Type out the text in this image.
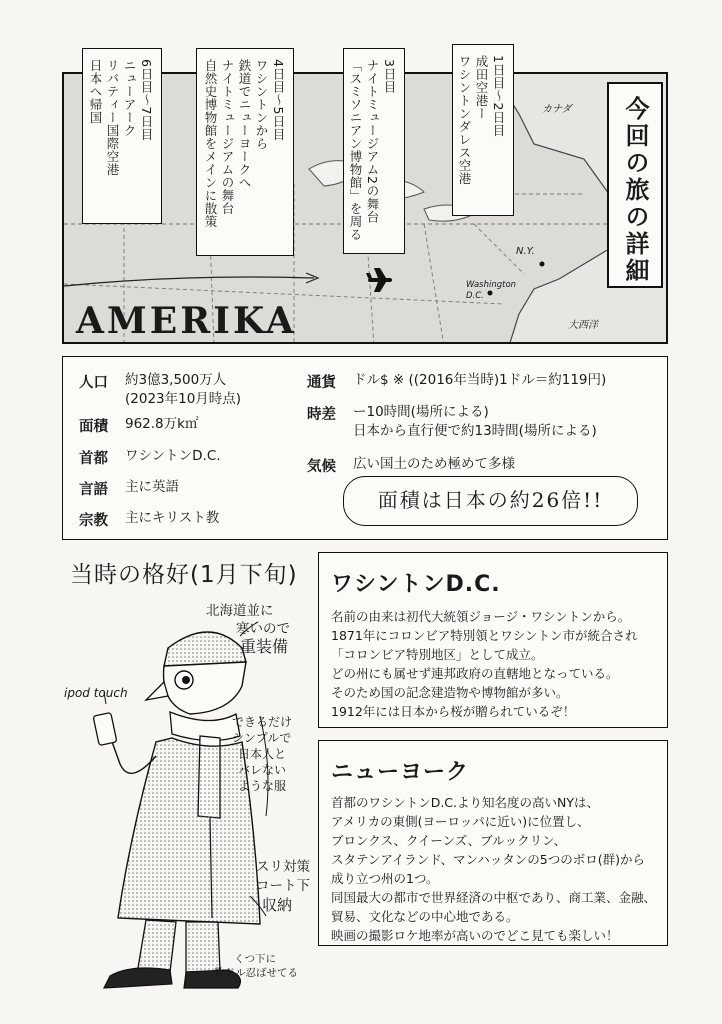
カナダ
N.Y.
Washington D.C.
大西洋
AMERIKA
1日目〜2日目
成田空港ー
ワシントンダレス空港
3日目
ナイトミュージアム2の舞台
「スミソニアン博物館」を周る
4日目〜5日目
ワシントンから
鉄道でニューヨークへ
ナイトミュージアムの舞台
自然史博物館をメインに散策
6日目〜7日目
ニューアーク
リバティー国際空港
日本へ帰国
今回の旅の詳細
人口 約3億3,500万人
(2023年10月時点)
面積 962.8万k㎡
首都 ワシントンD.C.
言語 主に英語
宗教 主にキリスト教
通貨 ドル$ ※ ((2016年当時)1ドル＝約119円)
時差 ー10時間(場所による)
日本から直行便で約13時間(場所による)
気候 広い国土のため極めて多様
面積は日本の約26倍!!
当時の格好(1月下旬)
北海道並に
寒いので
重装備
ipod touch
できるだけ
シンプルで
日本人と
バレない
ような服
スリ対策
コート下
収納
くつ下に
数ドル忍ばせてる
ワシントンD.C.
名前の由来は初代大統領ジョージ・ワシントンから。
1871年にコロンビア特別領とワシントン市が統合され
「コロンビア特別地区」として成立。
どの州にも属せず連邦政府の直轄地となっている。
そのため国の記念建造物や博物館が多い。
1912年には日本から桜が贈られているぞ！
ニューヨーク
首都のワシントンD.C.より知名度の高いNYは、
アメリカの東側(ヨーロッパに近い)に位置し、
ブロンクス、クイーンズ、ブルックリン、
スタテンアイランド、マンハッタンの5つのボロ(群)から
成り立つ州の1つ。
同国最大の都市で世界経済の中枢であり、商工業、金融、
貿易、文化などの中心地である。
映画の撮影ロケ地率が高いのでどこ見ても楽しい！
